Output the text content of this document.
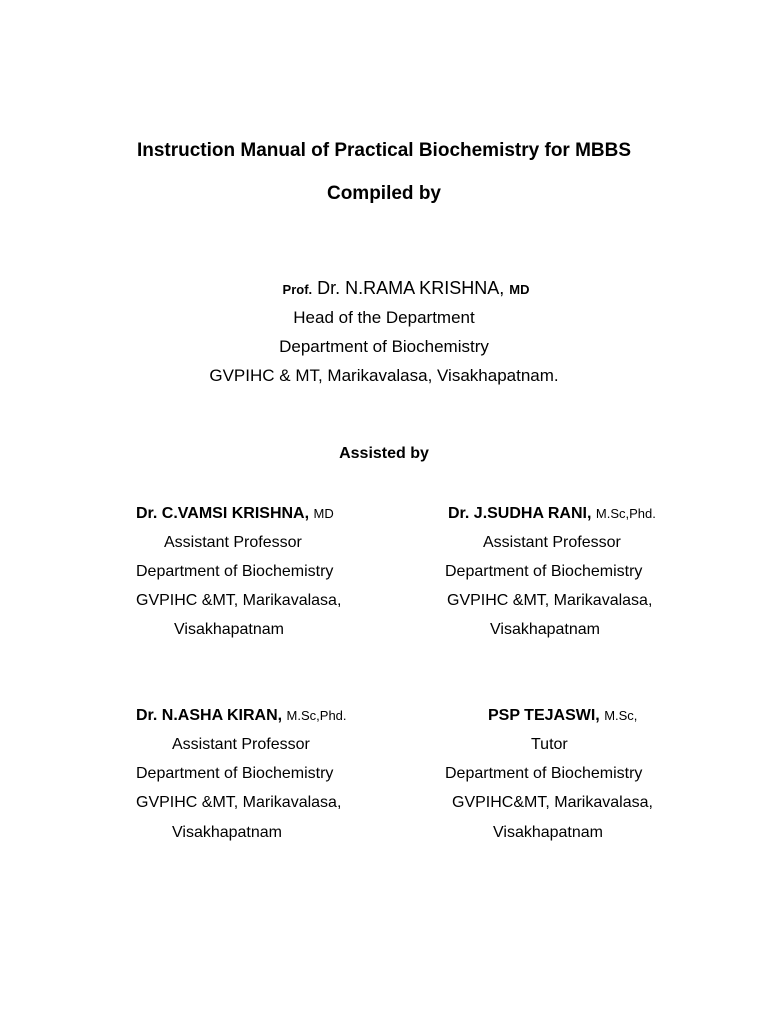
Instruction Manual of Practical Biochemistry for MBBS
Compiled by
Prof. Dr. N.RAMA KRISHNA, MD
Head of the Department
Department of Biochemistry
GVPIHC & MT, Marikavalasa, Visakhapatnam.
Assisted by
Dr. C.VAMSI KRISHNA, MD
Assistant Professor
Department of Biochemistry
GVPIHC &MT, Marikavalasa,
Visakhapatnam
Dr. J.SUDHA RANI, M.Sc,Phd.
Assistant Professor
Department of Biochemistry
GVPIHC &MT, Marikavalasa,
Visakhapatnam
Dr. N.ASHA KIRAN, M.Sc,Phd.
Assistant Professor
Department of Biochemistry
GVPIHC &MT, Marikavalasa,
Visakhapatnam
PSP TEJASWI, M.Sc,
Tutor
Department of Biochemistry
GVPIHC&MT, Marikavalasa,
Visakhapatnam
